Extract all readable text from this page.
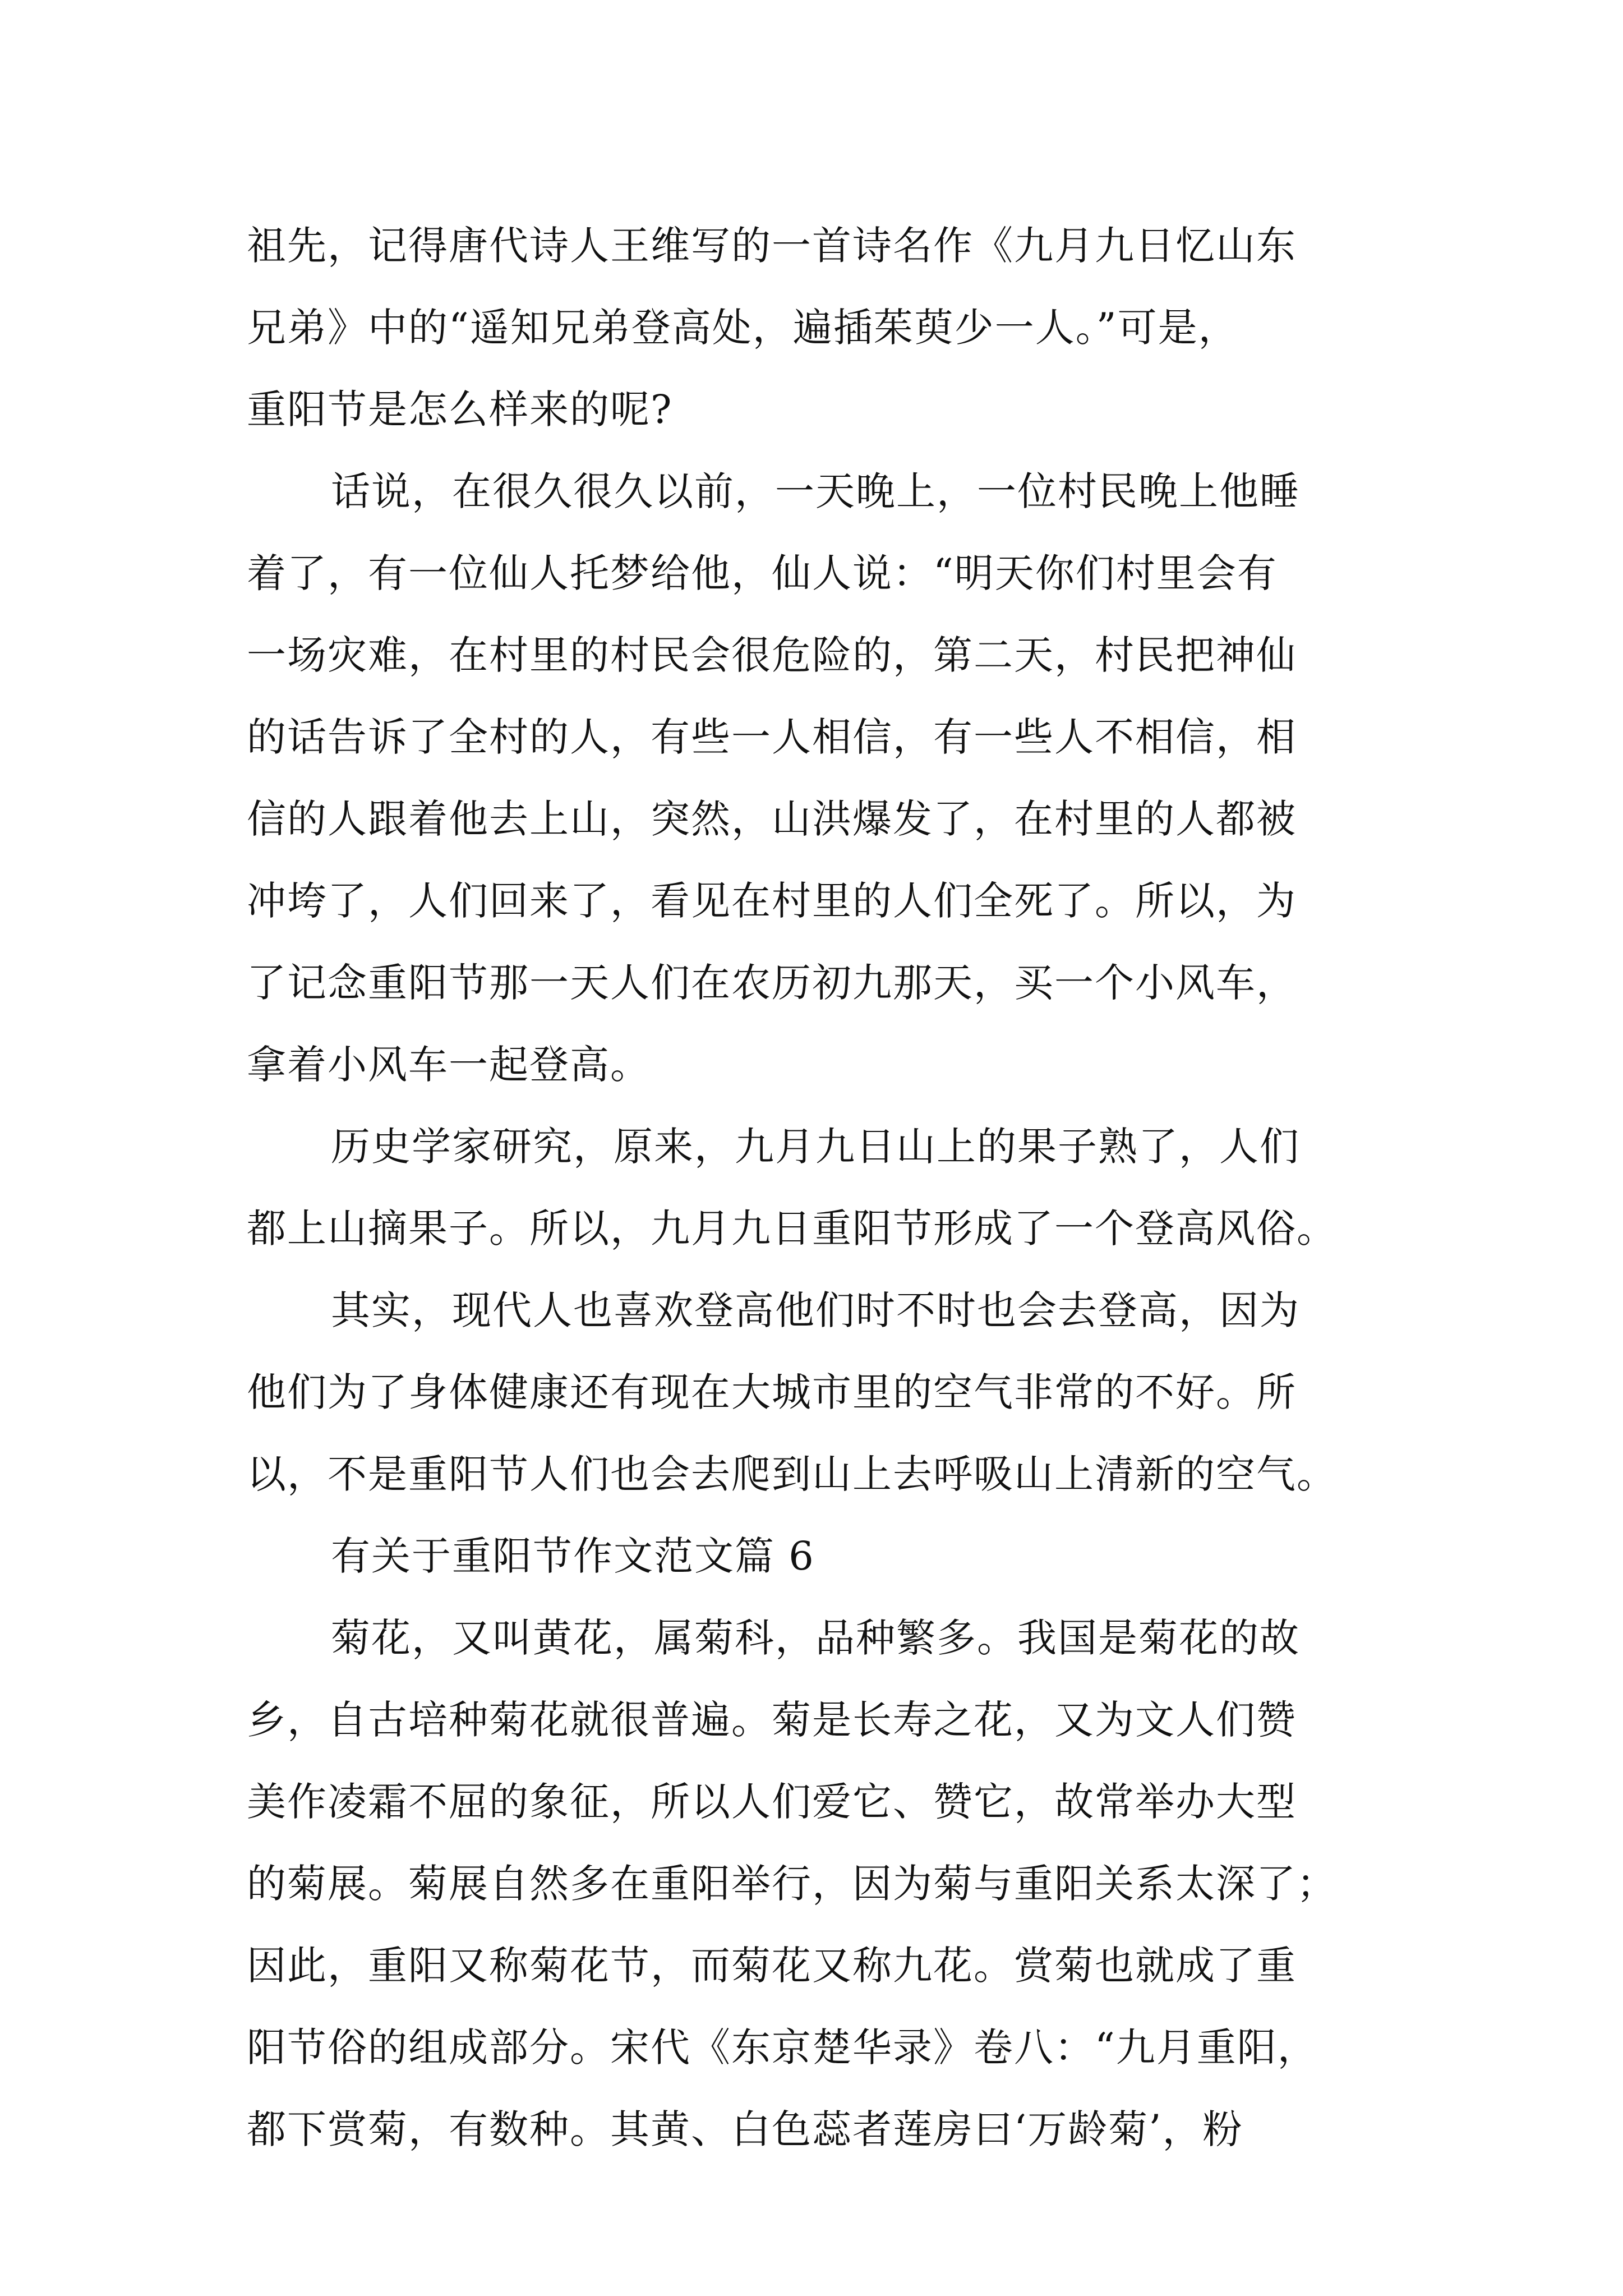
祖先，记得唐代诗人王维写的一首诗名作《九月九日忆山东
兄弟》中的“遥知兄弟登高处，遍插茱萸少一人。”可是，
重阳节是怎么样来的呢?
话说，在很久很久以前，一天晚上，一位村民晚上他睡
着了，有一位仙人托梦给他，仙人说：“明天你们村里会有
一场灾难，在村里的村民会很危险的，第二天，村民把神仙
的话告诉了全村的人，有些一人相信，有一些人不相信，相
信的人跟着他去上山，突然，山洪爆发了，在村里的人都被
冲垮了，人们回来了，看见在村里的人们全死了。所以，为
了记念重阳节那一天人们在农历初九那天，买一个小风车，
拿着小风车一起登高。
历史学家研究，原来，九月九日山上的果子熟了，人们
都上山摘果子。所以，九月九日重阳节形成了一个登高风俗。
其实，现代人也喜欢登高他们时不时也会去登高，因为
他们为了身体健康还有现在大城市里的空气非常的不好。所
以，不是重阳节人们也会去爬到山上去呼吸山上清新的空气。
有关于重阳节作文范文篇 6
菊花，又叫黄花，属菊科，品种繁多。我国是菊花的故
乡，自古培种菊花就很普遍。菊是长寿之花，又为文人们赞
美作凌霜不屈的象征，所以人们爱它、赞它，故常举办大型
的菊展。菊展自然多在重阳举行，因为菊与重阳关系太深了；
因此，重阳又称菊花节，而菊花又称九花。赏菊也就成了重
阳节俗的组成部分。宋代《东京楚华录》卷八：“九月重阳，
都下赏菊，有数种。其黄、白色蕊者莲房曰‘万龄菊’，粉
